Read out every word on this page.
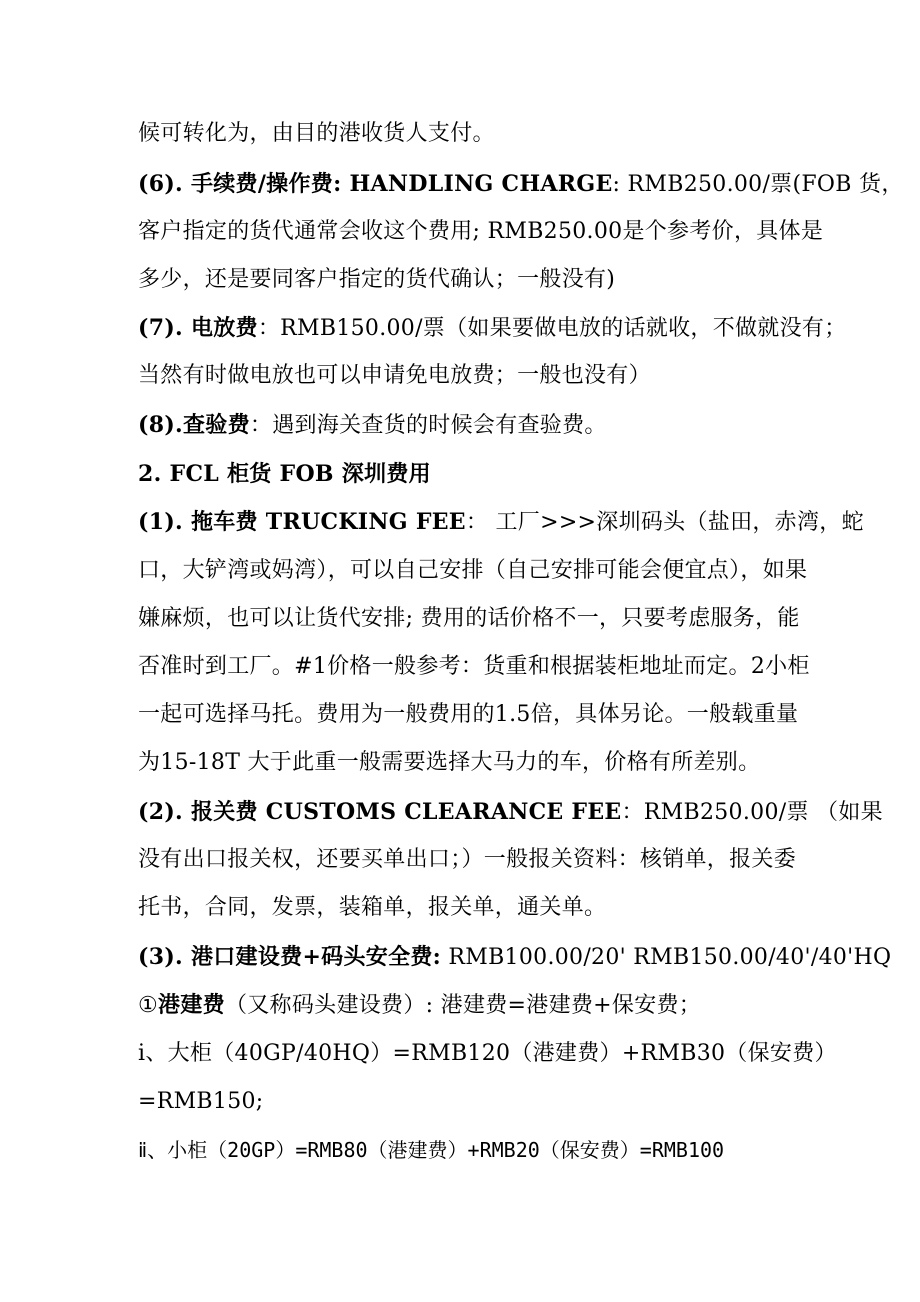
候可转化为，由目的港收货人支付。
(6). 手续费/操作费: HANDLING CHARGE: RMB250.00/票(FOB 货，
客户指定的货代通常会收这个费用; RMB250.00是个参考价，具体是
多少，还是要同客户指定的货代确认；一般没有)
(7). 电放费：RMB150.00/票（如果要做电放的话就收，不做就没有；
当然有时做电放也可以申请免电放费；一般也没有）
(8).查验费：遇到海关查货的时候会有查验费。
2. FCL 柜货 FOB 深圳费用
(1). 拖车费 TRUCKING FEE： 工厂>>>深圳码头（盐田，赤湾，蛇
口，大铲湾或妈湾），可以自己安排（自己安排可能会便宜点），如果
嫌麻烦，也可以让货代安排; 费用的话价格不一，只要考虑服务，能
否准时到工厂。#1价格一般参考：货重和根据装柜地址而定。2小柜
一起可选择马托。费用为一般费用的1.5倍，具体另论。一般载重量
为15-18T 大于此重一般需要选择大马力的车，价格有所差别。
(2). 报关费 CUSTOMS CLEARANCE FEE：RMB250.00/票 （如果
没有出口报关权，还要买单出口；）一般报关资料：核销单，报关委
托书，合同，发票，装箱单，报关单，通关单。
(3). 港口建设费+码头安全费: RMB100.00/20' RMB150.00/40'/40'HQ
①港建费（又称码头建设费）: 港建费=港建费+保安费；
ⅰ、大柜（40GP/40HQ）=RMB120（港建费）+RMB30（保安费）
=RMB150;
ⅱ、小柜（20GP）=RMB80（港建费）+RMB20（保安费）=RMB100
